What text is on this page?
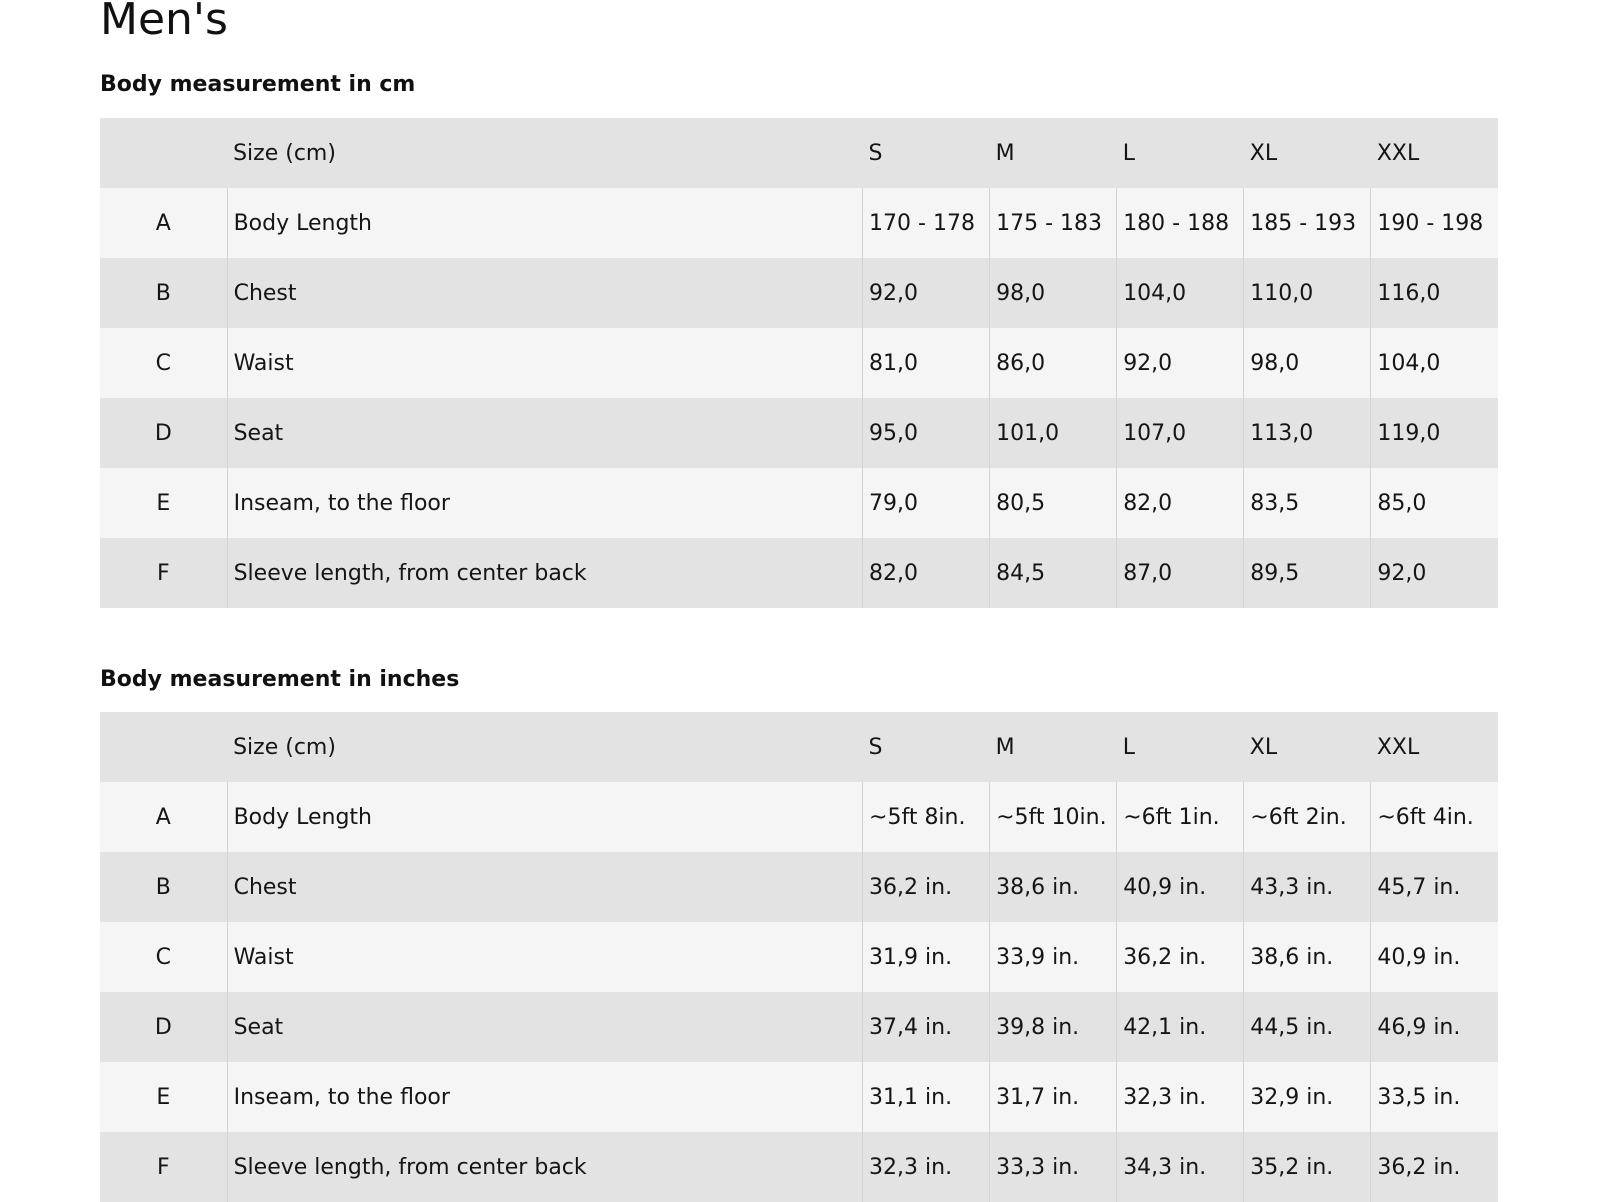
Men's
Body measurement in cm
	Size (cm)	S	M	L	XL	XXL
A	Body Length	170 - 178	175 - 183	180 - 188	185 - 193	190 - 198
B	Chest	92,0	98,0	104,0	110,0	116,0
C	Waist	81,0	86,0	92,0	98,0	104,0
D	Seat	95,0	101,0	107,0	113,0	119,0
E	Inseam, to the floor	79,0	80,5	82,0	83,5	85,0
F	Sleeve length, from center back	82,0	84,5	87,0	89,5	92,0
Body measurement in inches
	Size (cm)	S	M	L	XL	XXL
A	Body Length	~5ft 8in.	~5ft 10in.	~6ft 1in.	~6ft 2in.	~6ft 4in.
B	Chest	36,2 in.	38,6 in.	40,9 in.	43,3 in.	45,7 in.
C	Waist	31,9 in.	33,9 in.	36,2 in.	38,6 in.	40,9 in.
D	Seat	37,4 in.	39,8 in.	42,1 in.	44,5 in.	46,9 in.
E	Inseam, to the floor	31,1 in.	31,7 in.	32,3 in.	32,9 in.	33,5 in.
F	Sleeve length, from center back	32,3 in.	33,3 in.	34,3 in.	35,2 in.	36,2 in.
